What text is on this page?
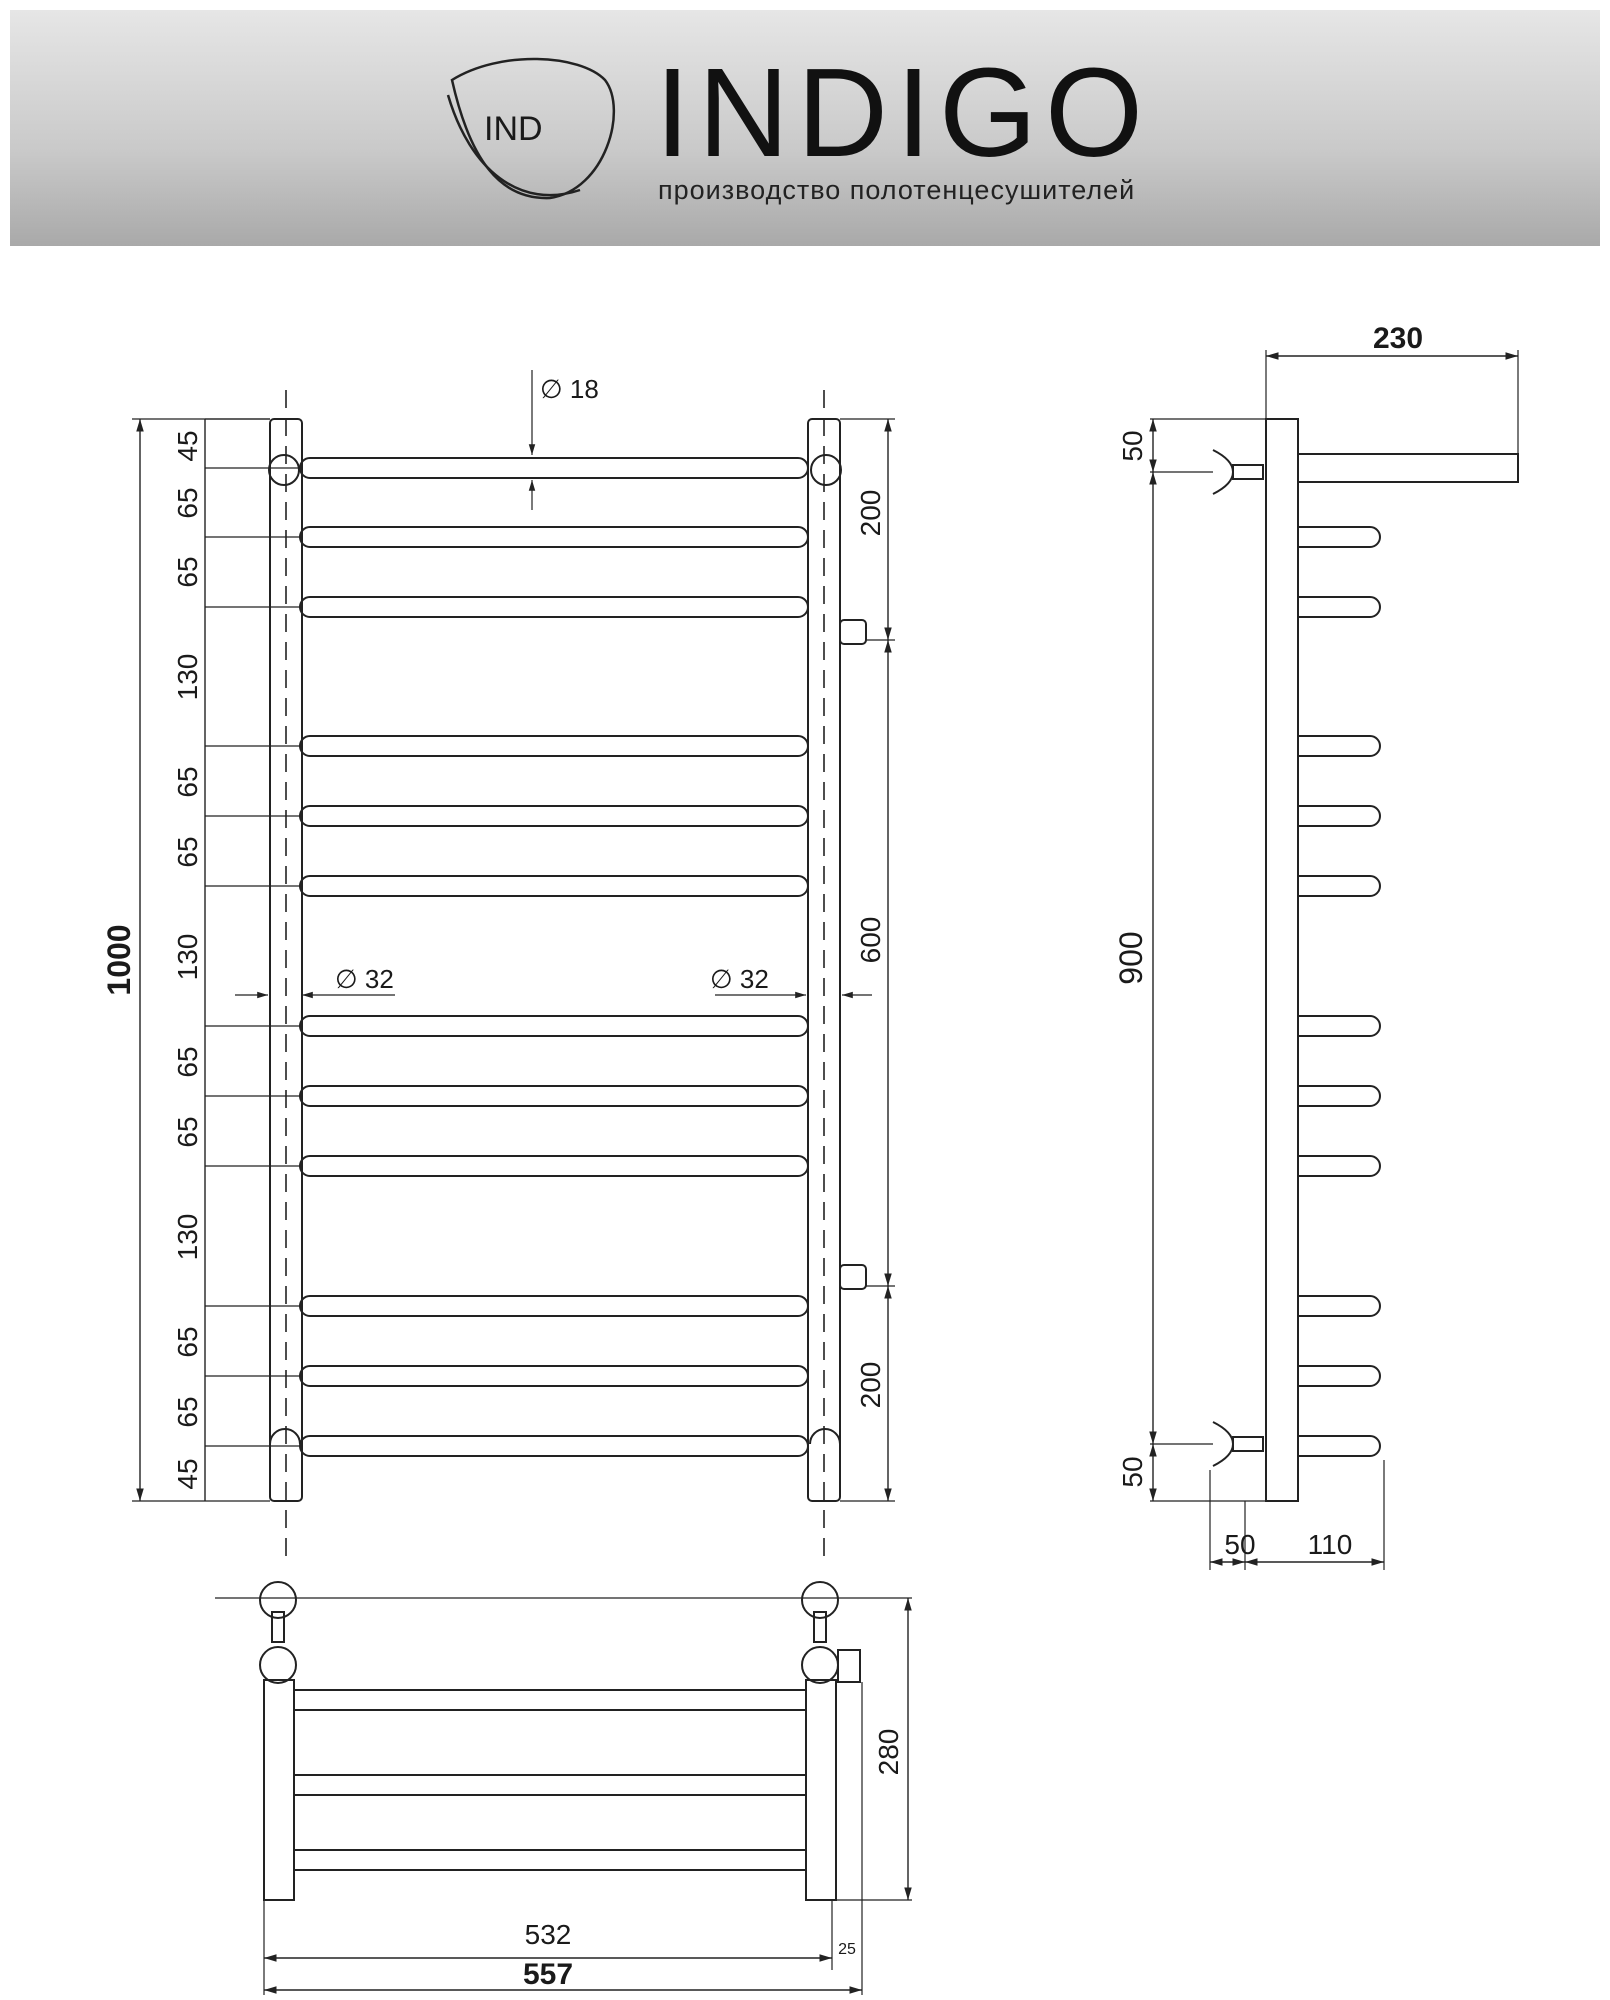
IND INDIGO
производство полотенцесушителей
45
65
65
130
65
65
130
65
65
130
65
65
45
1000
200
600
200
∅ 18
∅ 32	∅ 32
230
50
900
50
50 110
280
532
557
25
